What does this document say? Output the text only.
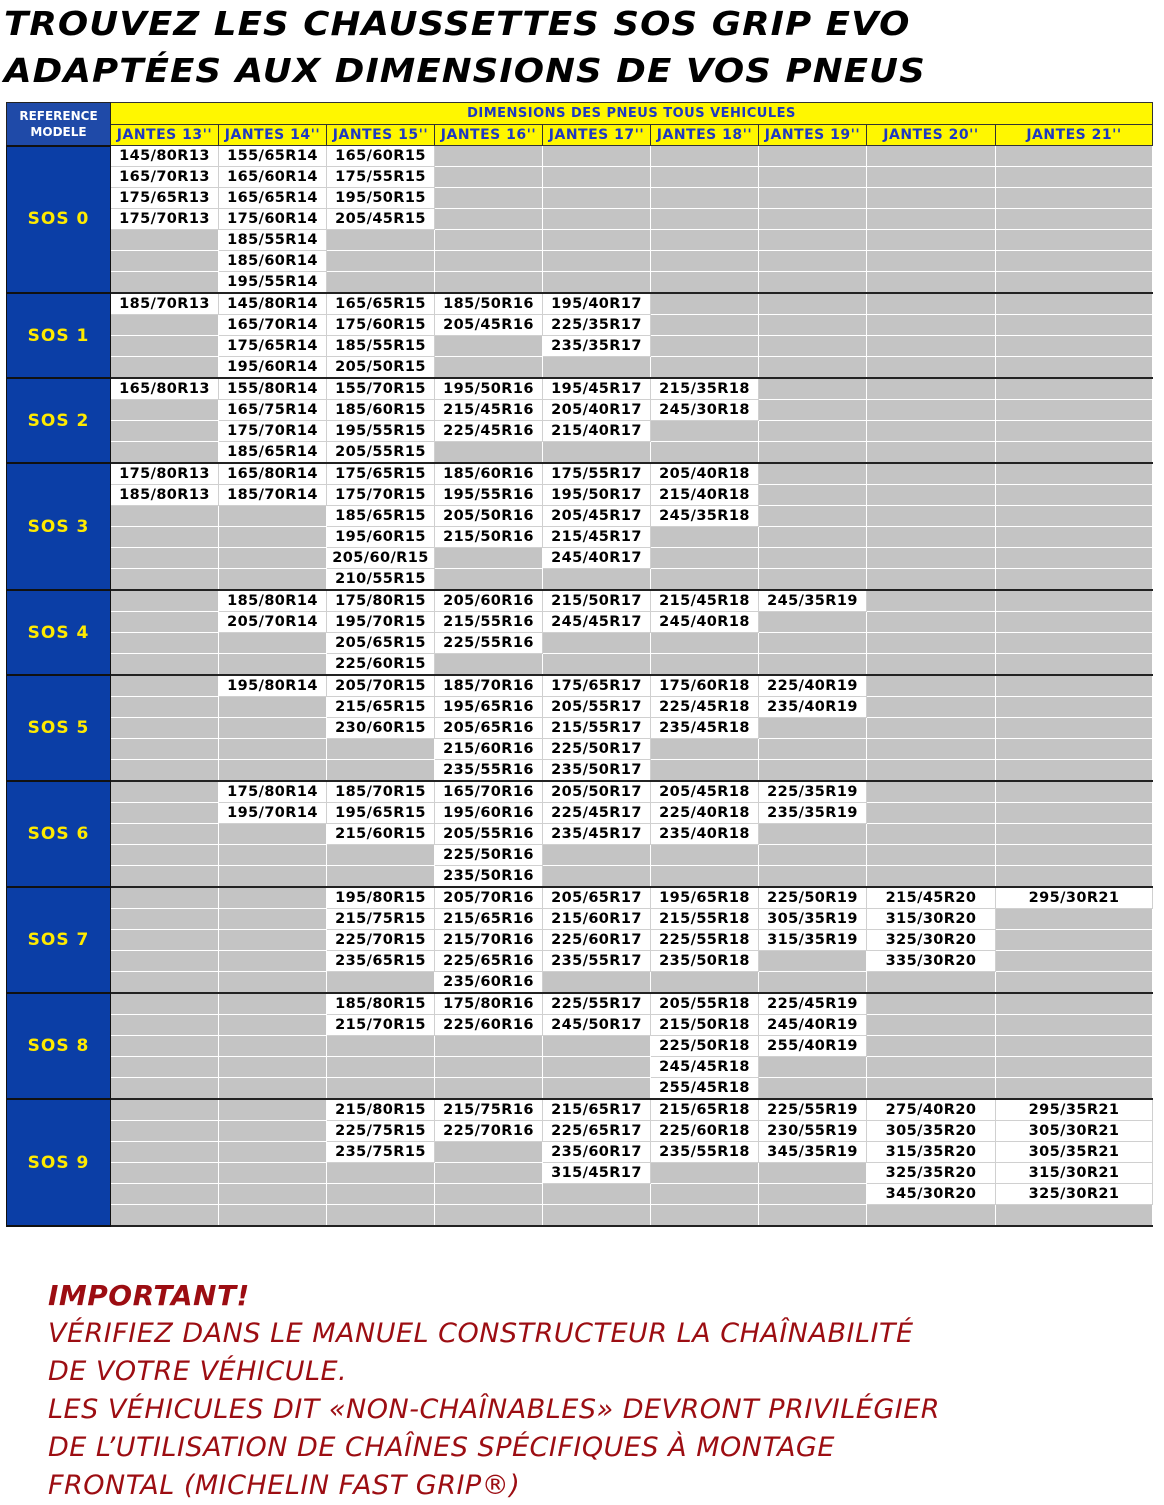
TROUVEZ LES CHAUSSETTES SOS GRIP EVO
ADAPTÉES AUX DIMENSIONS DE VOS PNEUS
REFERENCE
MODELE	DIMENSIONS DES PNEUS TOUS VEHICULES								
	JANTES 13''	JANTES 14''	JANTES 15''	JANTES 16''	JANTES 17''	JANTES 18''	JANTES 19''	JANTES 20''	JANTES 21''
SOS 0	145/80R13	155/65R14	165/60R15						
	165/70R13	165/60R14	175/55R15						
	175/65R13	165/65R14	195/50R15						
	175/70R13	175/60R14	205/45R15						
		185/55R14							
		185/60R14							
		195/55R14							
SOS 1	185/70R13	145/80R14	165/65R15	185/50R16	195/40R17				
		165/70R14	175/60R15	205/45R16	225/35R17				
		175/65R14	185/55R15		235/35R17				
		195/60R14	205/50R15						
SOS 2	165/80R13	155/80R14	155/70R15	195/50R16	195/45R17	215/35R18			
		165/75R14	185/60R15	215/45R16	205/40R17	245/30R18			
		175/70R14	195/55R15	225/45R16	215/40R17				
		185/65R14	205/55R15						
SOS 3	175/80R13	165/80R14	175/65R15	185/60R16	175/55R17	205/40R18			
	185/80R13	185/70R14	175/70R15	195/55R16	195/50R17	215/40R18			
			185/65R15	205/50R16	205/45R17	245/35R18			
			195/60R15	215/50R16	215/45R17				
			205/60/R15		245/40R17				
			210/55R15						
SOS 4		185/80R14	175/80R15	205/60R16	215/50R17	215/45R18	245/35R19		
		205/70R14	195/70R15	215/55R16	245/45R17	245/40R18			
			205/65R15	225/55R16					
			225/60R15						
SOS 5		195/80R14	205/70R15	185/70R16	175/65R17	175/60R18	225/40R19		
			215/65R15	195/65R16	205/55R17	225/45R18	235/40R19		
			230/60R15	205/65R16	215/55R17	235/45R18			
				215/60R16	225/50R17				
				235/55R16	235/50R17				
SOS 6		175/80R14	185/70R15	165/70R16	205/50R17	205/45R18	225/35R19		
		195/70R14	195/65R15	195/60R16	225/45R17	225/40R18	235/35R19		
			215/60R15	205/55R16	235/45R17	235/40R18			
				225/50R16					
				235/50R16					
SOS 7			195/80R15	205/70R16	205/65R17	195/65R18	225/50R19	215/45R20	295/30R21
			215/75R15	215/65R16	215/60R17	215/55R18	305/35R19	315/30R20	
			225/70R15	215/70R16	225/60R17	225/55R18	315/35R19	325/30R20	
			235/65R15	225/65R16	235/55R17	235/50R18		335/30R20	
				235/60R16					
SOS 8			185/80R15	175/80R16	225/55R17	205/55R18	225/45R19		
			215/70R15	225/60R16	245/50R17	215/50R18	245/40R19		
						225/50R18	255/40R19		
						245/45R18			
						255/45R18			
SOS 9			215/80R15	215/75R16	215/65R17	215/65R18	225/55R19	275/40R20	295/35R21
			225/75R15	225/70R16	225/65R17	225/60R18	230/55R19	305/35R20	305/30R21
			235/75R15		235/60R17	235/55R18	345/35R19	315/35R20	305/35R21
					315/45R17			325/35R20	315/30R21
								345/30R20	325/30R21

IMPORTANT!
VÉRIFIEZ DANS LE MANUEL CONSTRUCTEUR LA CHAÎNABILITÉ
DE VOTRE VÉHICULE.
LES VÉHICULES DIT «NON-CHAÎNABLES» DEVRONT PRIVILÉGIER
DE L’UTILISATION DE CHAÎNES SPÉCIFIQUES À MONTAGE
FRONTAL (MICHELIN FAST GRIP®)
